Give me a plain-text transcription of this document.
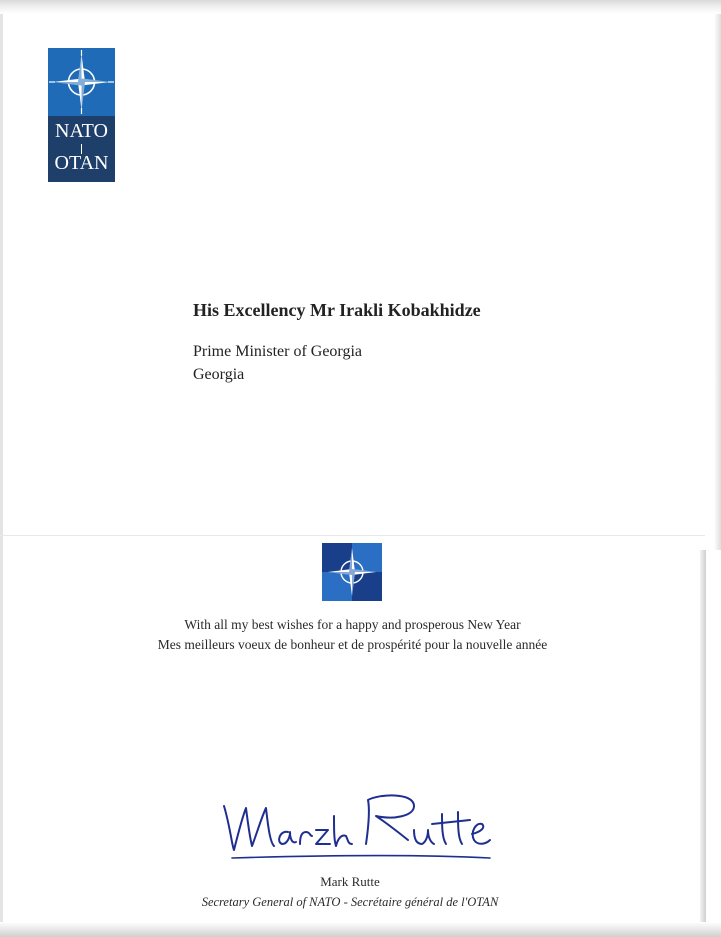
NATO
OTAN
His Excellency Mr Irakli Kobakhidze
Prime Minister of Georgia
Georgia
With all my best wishes for a happy and prosperous New Year
Mes meilleurs voeux de bonheur et de prospérité pour la nouvelle année
Mark Rutte
Secretary General of NATO - Secrétaire général de l'OTAN
